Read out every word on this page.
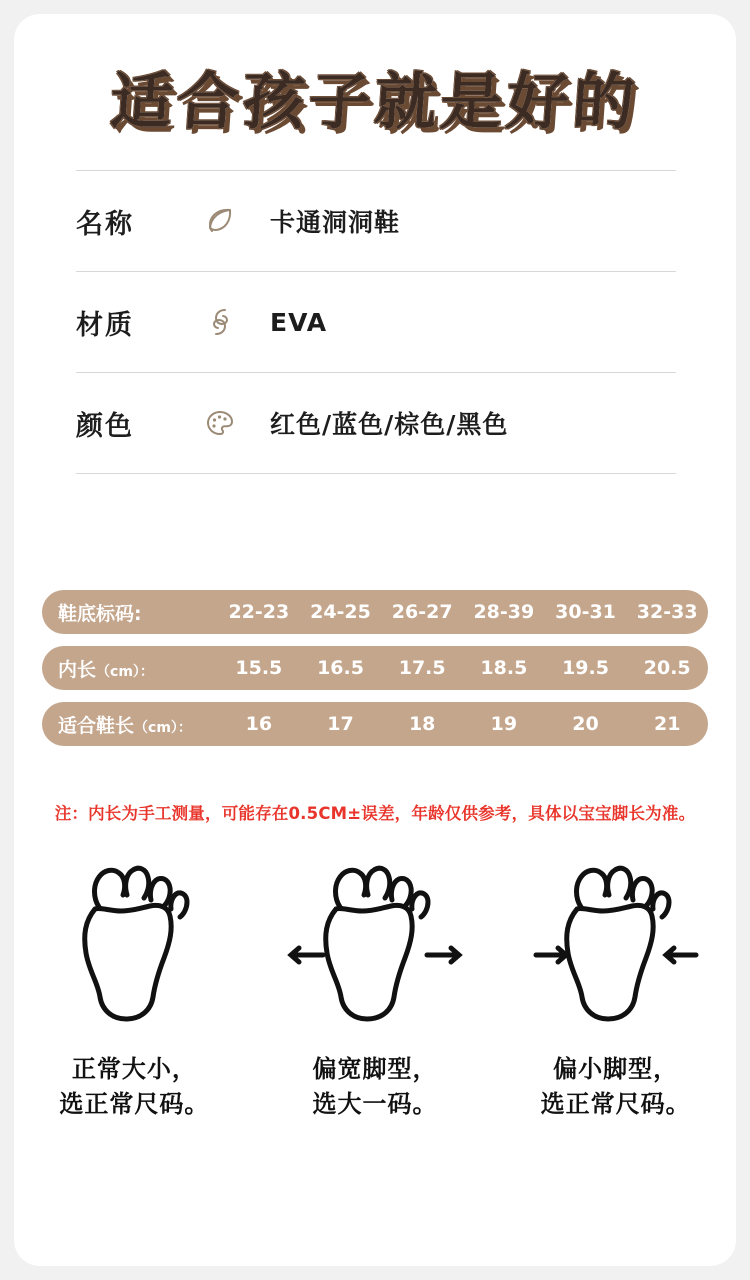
适合孩子就是好的
名称	卡通洞洞鞋
材质	EVA
颜色	红色/蓝色/棕色/黑色
鞋底标码:	22-23	24-25	26-27	28-39	30-31	32-33
内长（cm）：	15.5	16.5	17.5	18.5	19.5	20.5
适合鞋长（cm）：	16	17	18	19	20	21
注：内长为手工测量，可能存在0.5CM±误差，年龄仅供参考，具体以宝宝脚长为准。
正常大小，
选正常尺码。
偏宽脚型，
选大一码。
偏小脚型，
选正常尺码。
